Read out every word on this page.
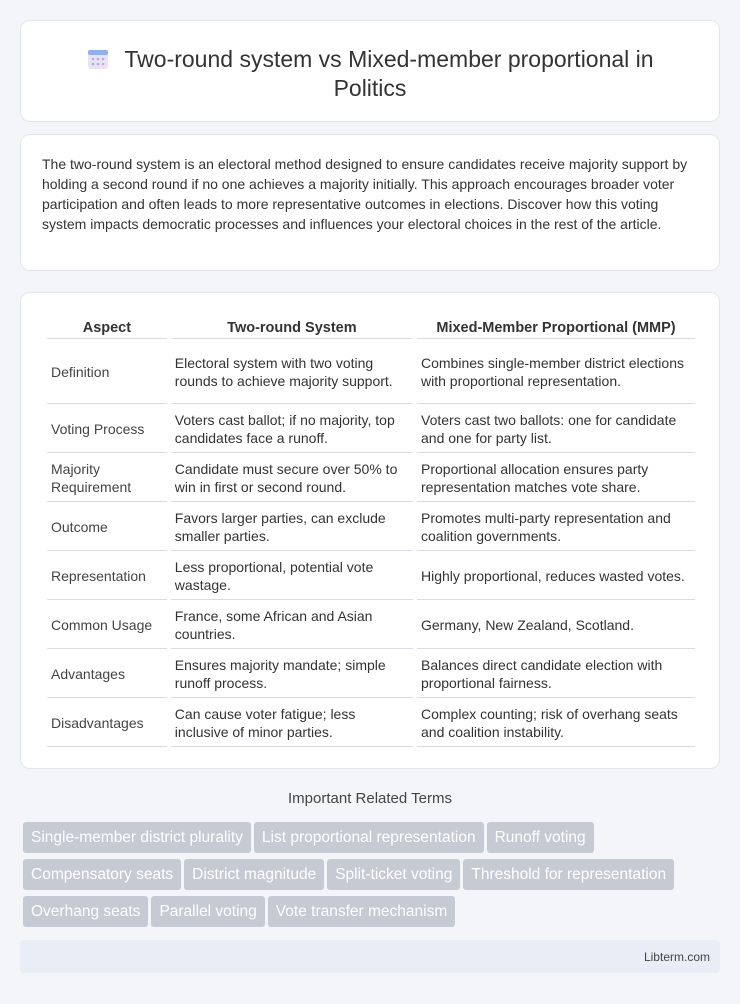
Two-round system vs Mixed-member proportional in Politics

The two-round system is an electoral method designed to ensure candidates receive majority support by holding a second round if no one achieves a majority initially. This approach encourages broader voter participation and often leads to more representative outcomes in elections. Discover how this voting system impacts democratic processes and influences your electoral choices in the rest of the article.

Aspect	Two-round System	Mixed-Member Proportional (MMP)
Definition	Electoral system with two voting rounds to achieve majority support.	Combines single-member district elections with proportional representation.
Voting Process	Voters cast ballot; if no majority, top candidates face a runoff.	Voters cast two ballots: one for candidate and one for party list.
Majority Requirement	Candidate must secure over 50% to win in first or second round.	Proportional allocation ensures party representation matches vote share.
Outcome	Favors larger parties, can exclude smaller parties.	Promotes multi-party representation and coalition governments.
Representation	Less proportional, potential vote wastage.	Highly proportional, reduces wasted votes.
Common Usage	France, some African and Asian countries.	Germany, New Zealand, Scotland.
Advantages	Ensures majority mandate; simple runoff process.	Balances direct candidate election with proportional fairness.
Disadvantages	Can cause voter fatigue; less inclusive of minor parties.	Complex counting; risk of overhang seats and coalition instability.
Important Related Terms
Single-member district plurality List proportional representation Runoff voting
Compensatory seats District magnitude Split-ticket voting Threshold for representation
Overhang seats Parallel voting Vote transfer mechanism
Libterm.com
